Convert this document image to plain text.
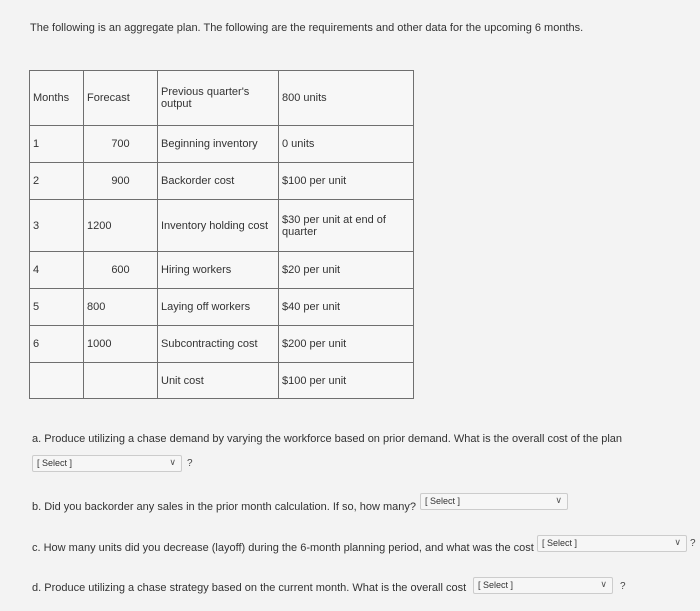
The following is an aggregate plan. The following are the requirements and other data for the upcoming 6 months.
Months	Forecast	Previous quarter's output	800 units
1	700	Beginning inventory	0 units
2	900	Backorder cost	$100 per unit
3	1200	Inventory holding cost	$30 per unit at end of quarter
4	600	Hiring workers	$20 per unit
5	800	Laying off workers	$40 per unit
6	1000	Subcontracting cost	$200 per unit
		Unit cost	$100 per unit
a. Produce utilizing a chase demand by varying the workforce based on prior demand. What is the overall cost of the plan
[ Select ]	∨ ?
b. Did you backorder any sales in the prior month calculation. If so, how many?	[ Select ]	∨
c. How many units did you decrease (layoff) during the 6-month planning period, and what was the cost [ Select ]	∨ ?
d. Produce utilizing a chase strategy based on the current month. What is the overall cost	[ Select ]	∨ ?
